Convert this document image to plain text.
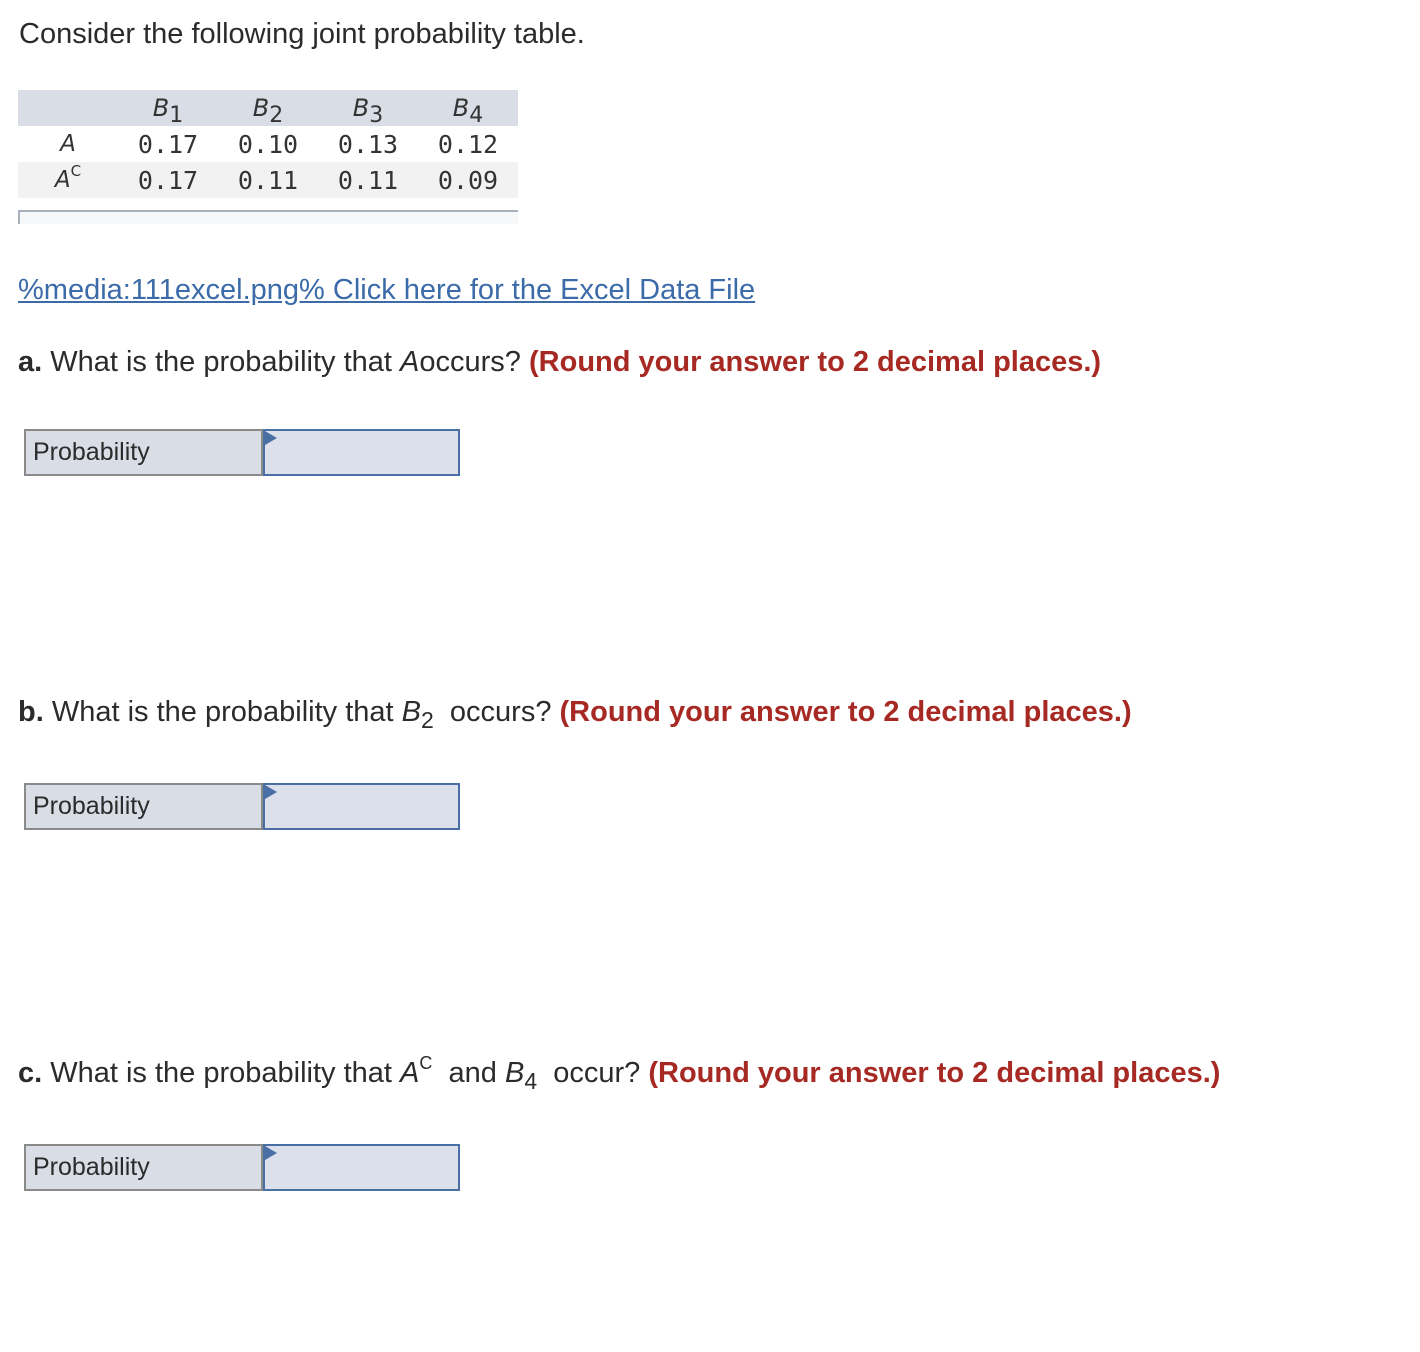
Consider the following joint probability table.

	$B_1$	$B_2$	$B_3$	$B_4$
A	0.17	0.10	0.13	0.12
$A^C$	0.17	0.11	0.11	0.09
%media:111excel.png% Click here for the Excel Data File

a. What is the probability that Aoccurs? (Round your answer to 2 decimal places.)

Probability

b. What is the probability that $B_2$ occurs? (Round your answer to 2 decimal places.)

Probability

c. What is the probability that $A^C$ and $B_4$ occur? (Round your answer to 2 decimal places.)

Probability
